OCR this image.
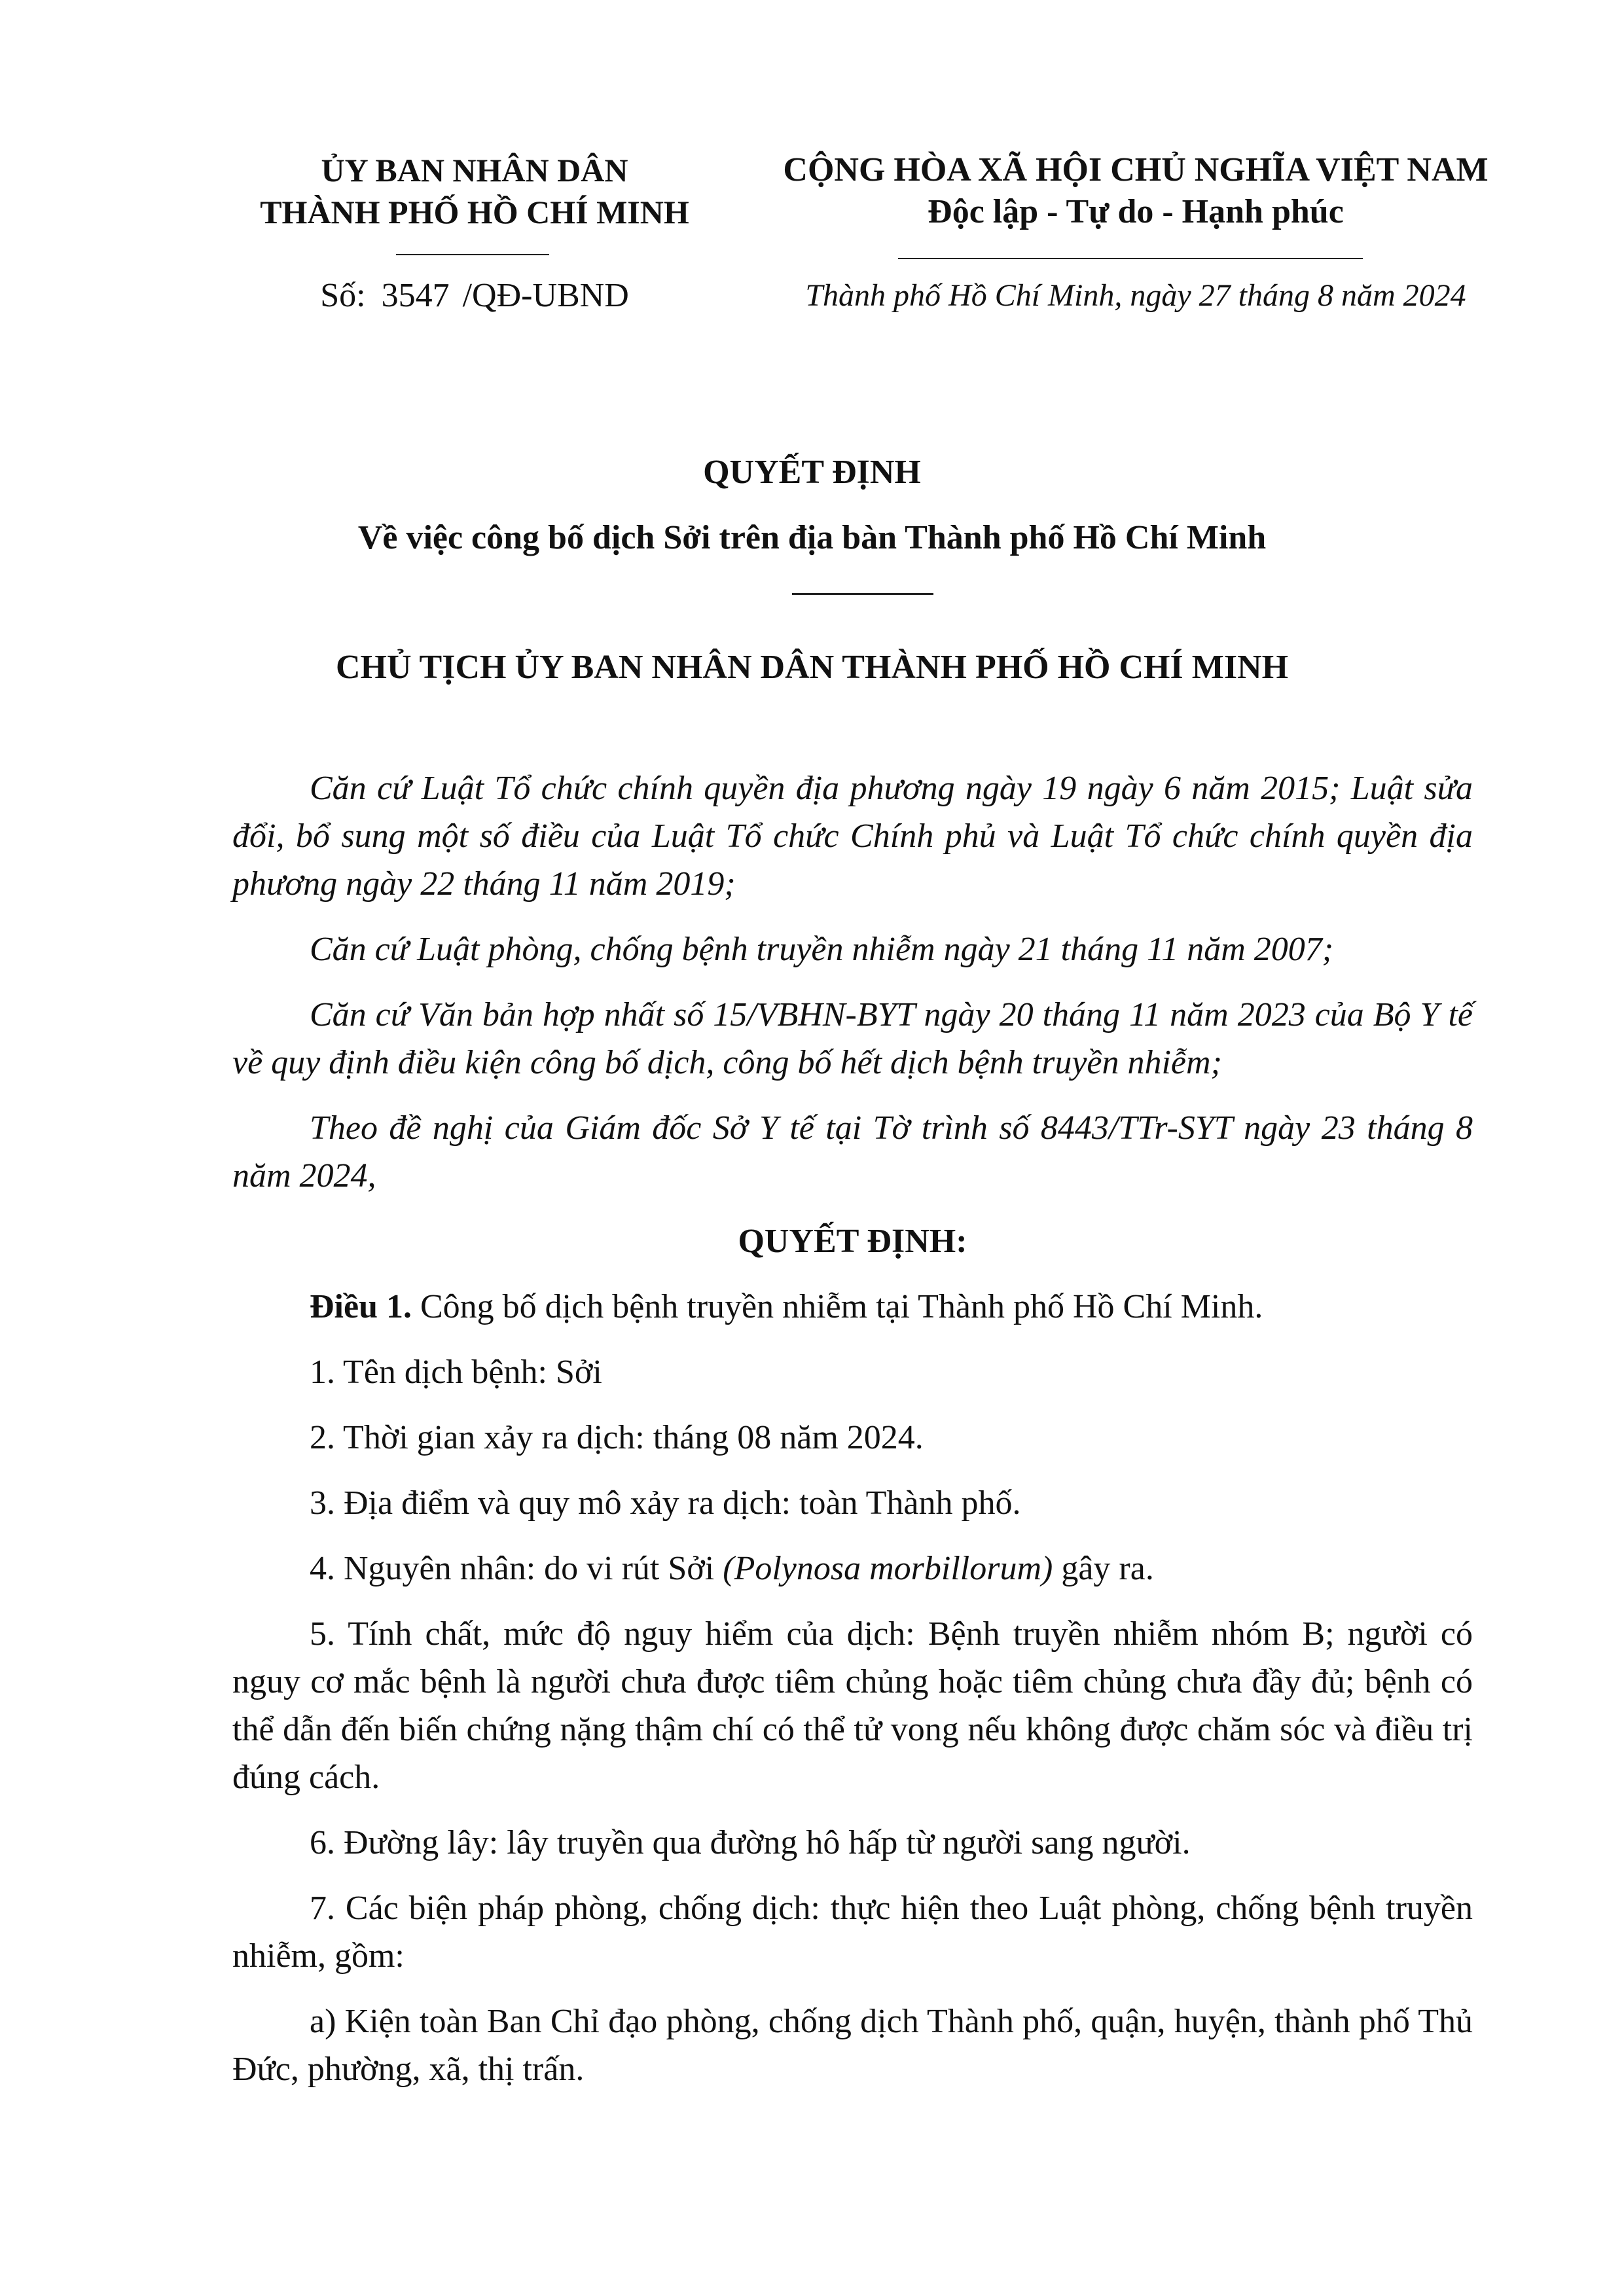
ỦY BAN NHÂN DÂN
THÀNH PHỐ HỒ CHÍ MINH
CỘNG HÒA XÃ HỘI CHỦ NGHĨA VIỆT NAM
Độc lập - Tự do - Hạnh phúc
Số: 3547 /QĐ-UBND	Thành phố Hồ Chí Minh, ngày 27 tháng 8 năm 2024
QUYẾT ĐỊNH
Về việc công bố dịch Sởi trên địa bàn Thành phố Hồ Chí Minh
CHỦ TỊCH ỦY BAN NHÂN DÂN THÀNH PHỐ HỒ CHÍ MINH

Căn cứ Luật Tổ chức chính quyền địa phương ngày 19 ngày 6 năm 2015; Luật sửa đổi, bổ sung một số điều của Luật Tổ chức Chính phủ và Luật Tổ chức chính quyền địa phương ngày 22 tháng 11 năm 2019;

Căn cứ Luật phòng, chống bệnh truyền nhiễm ngày 21 tháng 11 năm 2007;

Căn cứ Văn bản hợp nhất số 15/VBHN-BYT ngày 20 tháng 11 năm 2023 của Bộ Y tế về quy định điều kiện công bố dịch, công bố hết dịch bệnh truyền nhiễm;

Theo đề nghị của Giám đốc Sở Y tế tại Tờ trình số 8443/TTr-SYT ngày 23 tháng 8 năm 2024,

QUYẾT ĐỊNH:

Điều 1. Công bố dịch bệnh truyền nhiễm tại Thành phố Hồ Chí Minh.

1. Tên dịch bệnh: Sởi

2. Thời gian xảy ra dịch: tháng 08 năm 2024.

3. Địa điểm và quy mô xảy ra dịch: toàn Thành phố.

4. Nguyên nhân: do vi rút Sởi (Polynosa morbillorum) gây ra.

5. Tính chất, mức độ nguy hiểm của dịch: Bệnh truyền nhiễm nhóm B; người có nguy cơ mắc bệnh là người chưa được tiêm chủng hoặc tiêm chủng chưa đầy đủ; bệnh có thể dẫn đến biến chứng nặng thậm chí có thể tử vong nếu không được chăm sóc và điều trị đúng cách.

6. Đường lây: lây truyền qua đường hô hấp từ người sang người.

7. Các biện pháp phòng, chống dịch: thực hiện theo Luật phòng, chống bệnh truyền nhiễm, gồm:

a) Kiện toàn Ban Chỉ đạo phòng, chống dịch Thành phố, quận, huyện, thành phố Thủ Đức, phường, xã, thị trấn.
